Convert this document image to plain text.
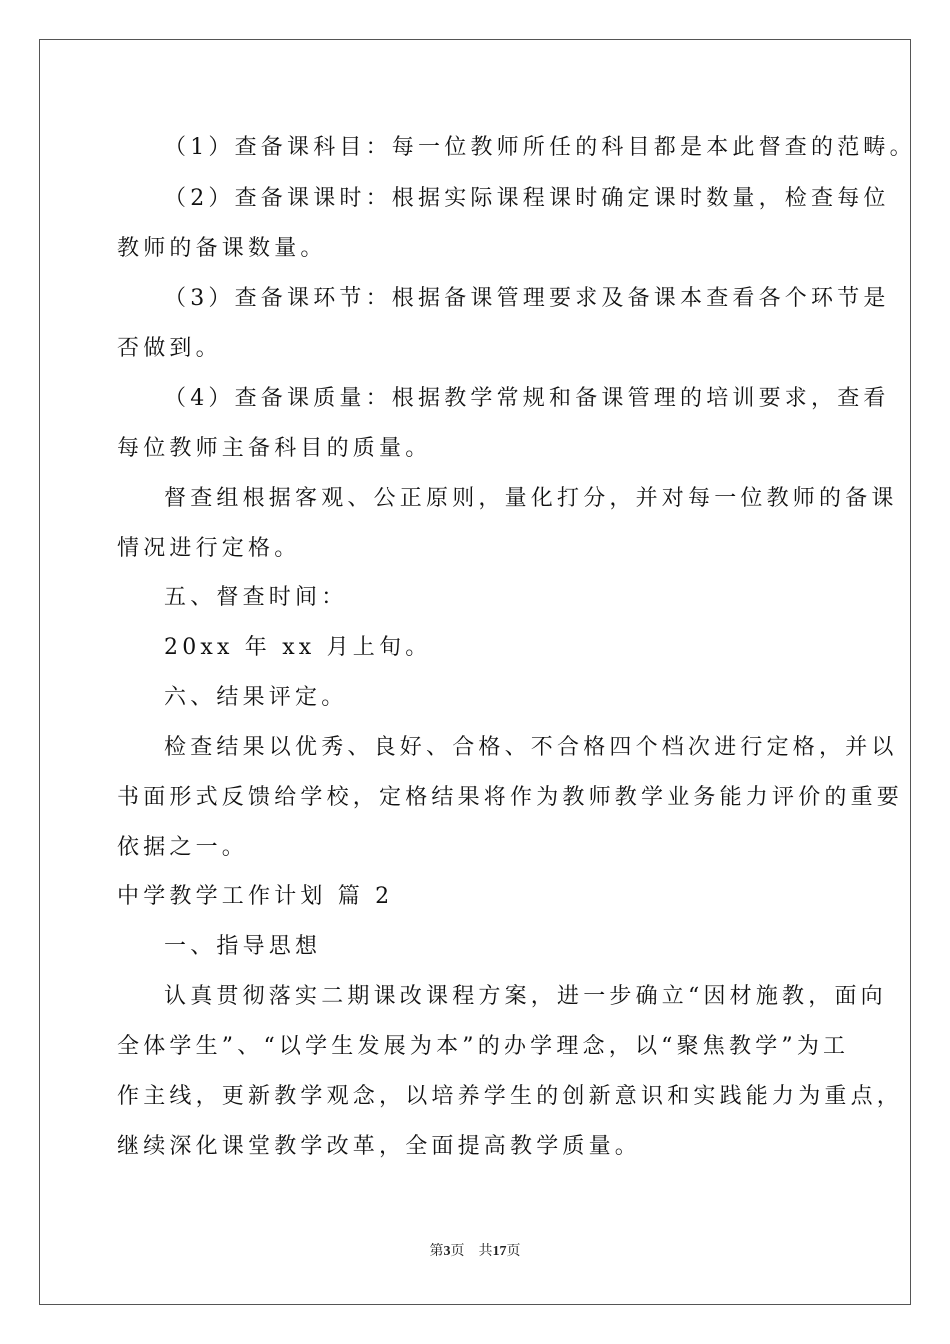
（1）查备课科目：每一位教师所任的科目都是本此督查的范畴。
（2）查备课课时：根据实际课程课时确定课时数量，检查每位
教师的备课数量。
（3）查备课环节：根据备课管理要求及备课本查看各个环节是
否做到。
（4）查备课质量：根据教学常规和备课管理的培训要求，查看
每位教师主备科目的质量。
督查组根据客观、公正原则，量化打分，并对每一位教师的备课
情况进行定格。
五、督查时间：
20xx 年 xx 月上旬。
六、结果评定。
检查结果以优秀、良好、合格、不合格四个档次进行定格，并以
书面形式反馈给学校，定格结果将作为教师教学业务能力评价的重要
依据之一。
中学教学工作计划 篇 2
一、指导思想
认真贯彻落实二期课改课程方案，进一步确立“因材施教，面向
全体学生”、“以学生发展为本”的办学理念，以“聚焦教学”为工
作主线，更新教学观念，以培养学生的创新意识和实践能力为重点，
继续深化课堂教学改革，全面提高教学质量。
第3页 共17页
